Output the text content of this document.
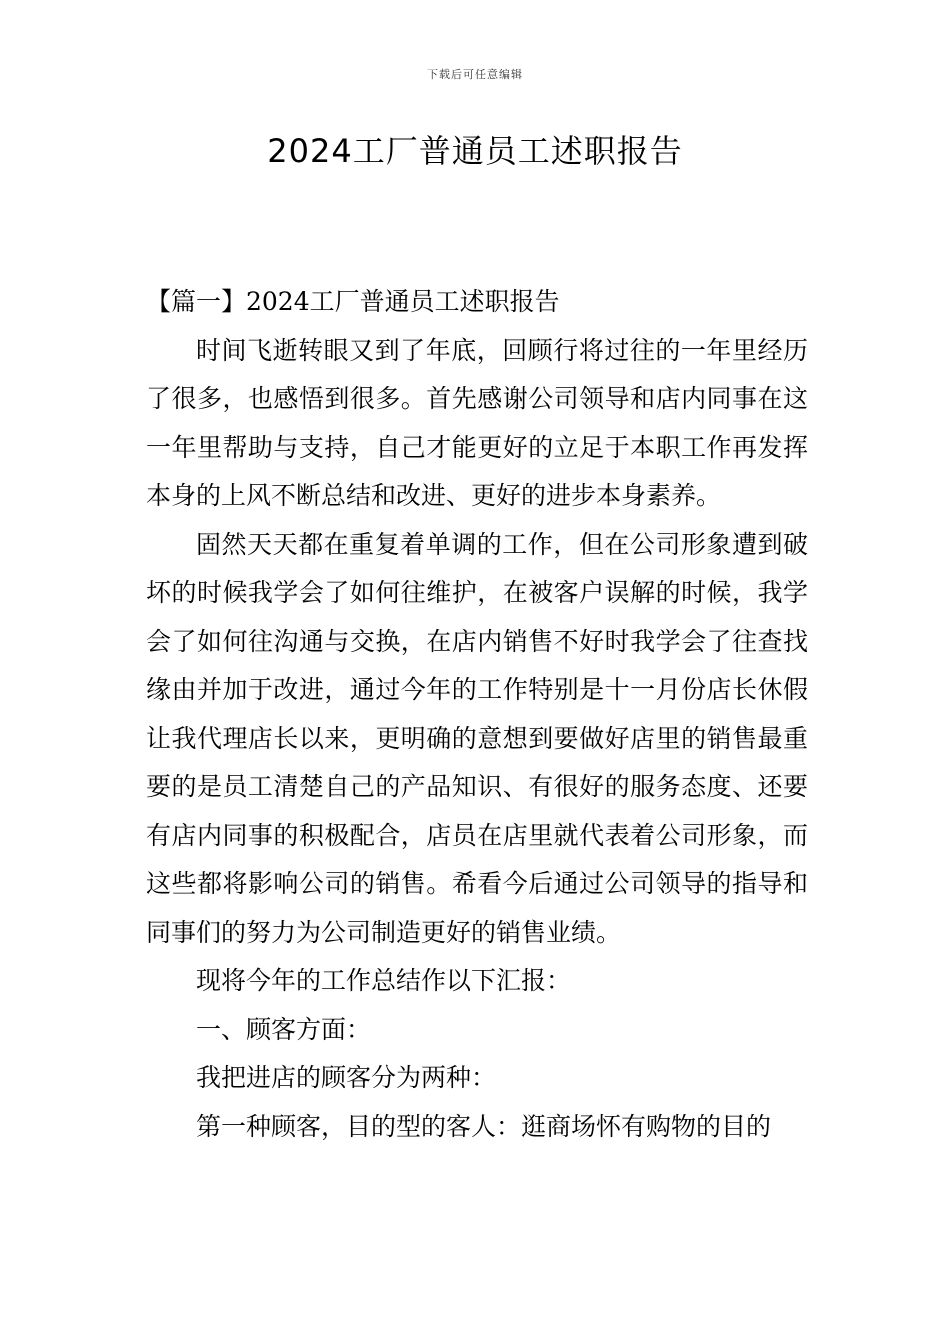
下载后可任意编辑
2024工厂普通员工述职报告

【篇一】2024工厂普通员工述职报告

时间飞逝转眼又到了年底，回顾行将过往的一年里经历了很多，也感悟到很多。首先感谢公司领导和店内同事在这一年里帮助与支持，自己才能更好的立足于本职工作再发挥本身的上风不断总结和改进、更好的进步本身素养。

固然天天都在重复着单调的工作，但在公司形象遭到破坏的时候我学会了如何往维护，在被客户误解的时候，我学会了如何往沟通与交换，在店内销售不好时我学会了往查找缘由并加于改进，通过今年的工作特别是十一月份店长休假让我代理店长以来，更明确的意想到要做好店里的销售最重要的是员工清楚自己的产品知识、有很好的服务态度、还要有店内同事的积极配合，店员在店里就代表着公司形象，而这些都将影响公司的销售。希看今后通过公司领导的指导和同事们的努力为公司制造更好的销售业绩。

现将今年的工作总结作以下汇报：

一、顾客方面：

我把进店的顾客分为两种：

第一种顾客，目的型的客人：逛商场怀有购物的目的
